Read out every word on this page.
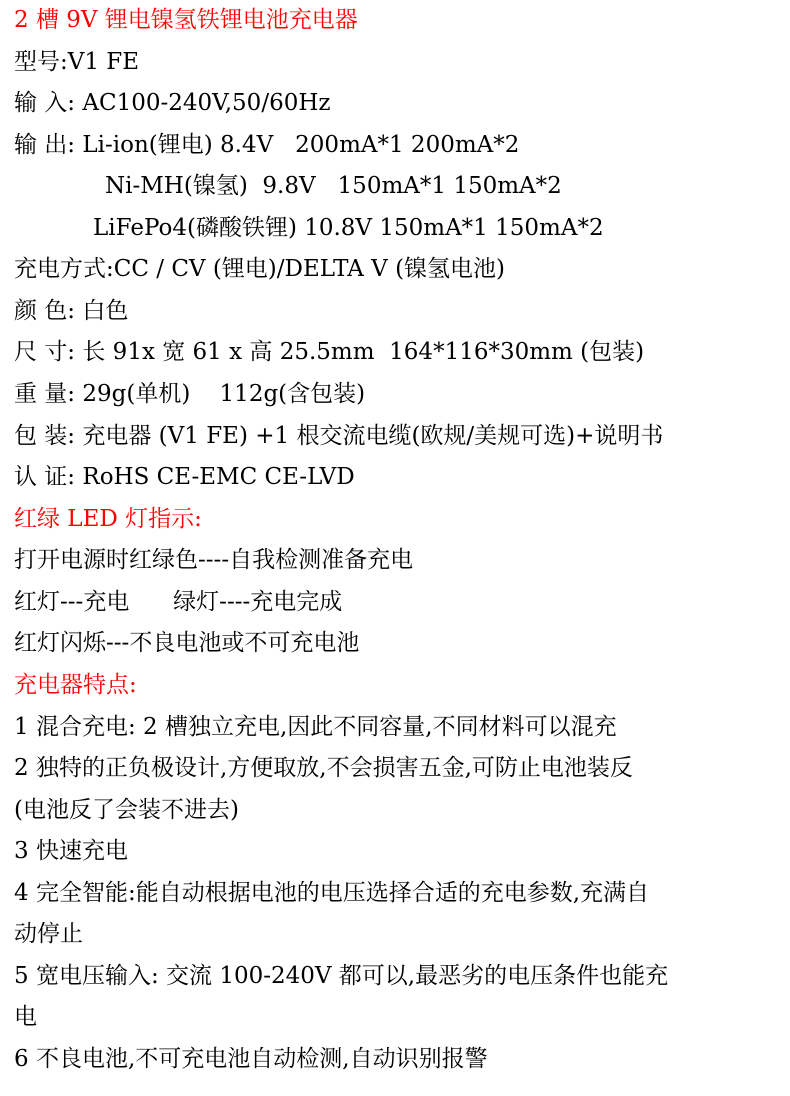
2 槽 9V 锂电镍氢铁锂电池充电器
型号:V1 FE
输 入: AC100-240V,50/60Hz
输 出: Li-ion(锂电) 8.4V   200mA*1 200mA*2
Ni-MH(镍氢)  9.8V   150mA*1 150mA*2
LiFePo4(磷酸铁锂) 10.8V 150mA*1 150mA*2
充电方式:CC / CV (锂电)/DELTA V (镍氢电池)
颜 色: 白色
尺 寸: 长 91x 宽 61 x 高 25.5mm  164*116*30mm (包装)
重 量: 29g(单机)    112g(含包装)
包 装: 充电器 (V1 FE) +1 根交流电缆(欧规/美规可选)+说明书
认 证: RoHS CE-EMC CE-LVD
红绿 LED 灯指示:
打开电源时红绿色----自我检测准备充电
红灯---充电      绿灯----充电完成
红灯闪烁---不良电池或不可充电池
充电器特点:
1 混合充电: 2 槽独立充电,因此不同容量,不同材料可以混充
2 独特的正负极设计,方便取放,不会损害五金,可防止电池装反
(电池反了会装不进去)
3 快速充电
4 完全智能:能自动根据电池的电压选择合适的充电参数,充满自
动停止
5 宽电压输入: 交流 100-240V 都可以,最恶劣的电压条件也能充
电
6 不良电池,不可充电池自动检测,自动识别报警
